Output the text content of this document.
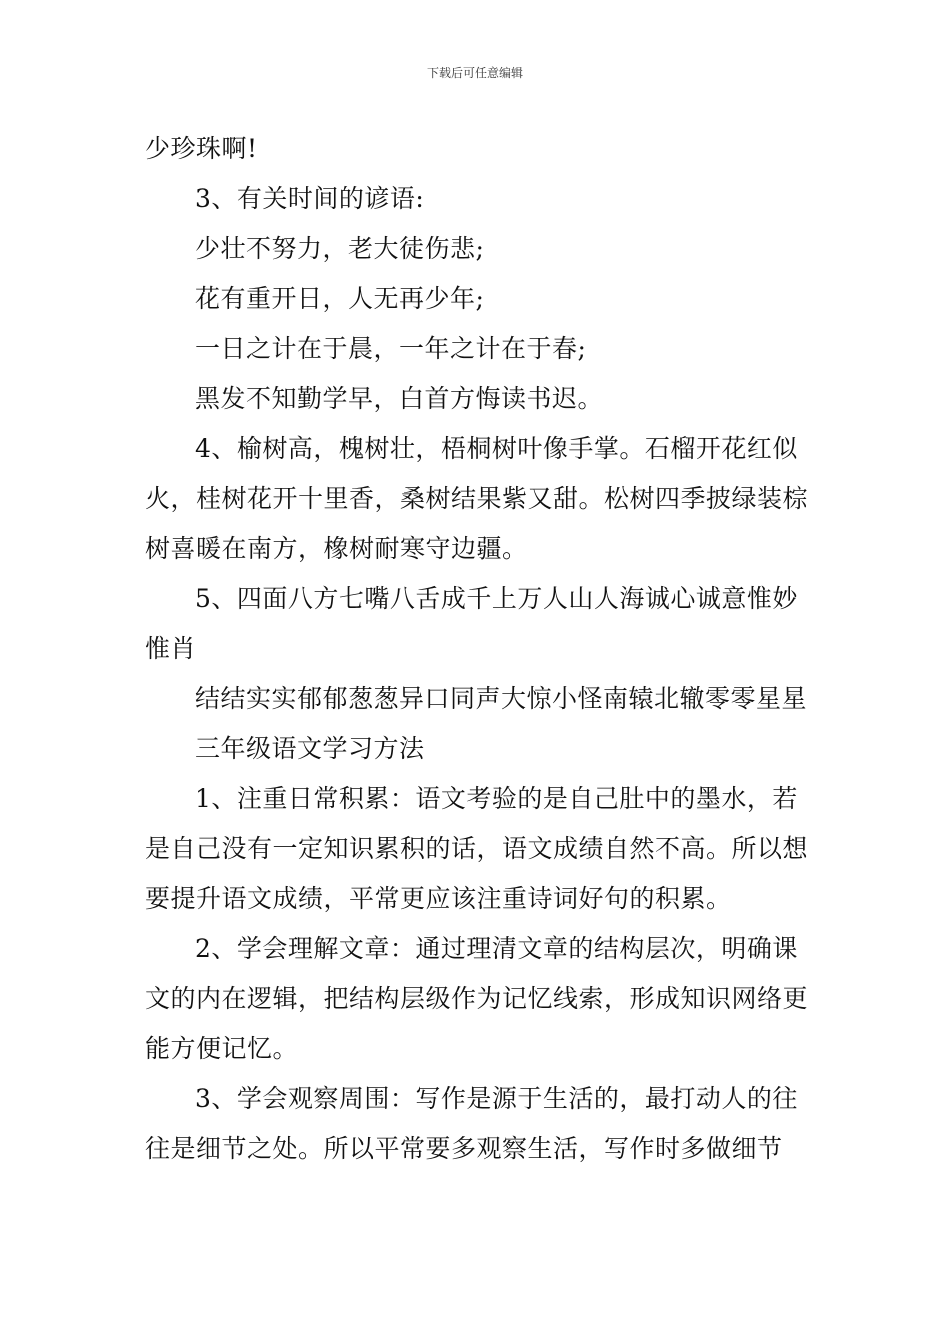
下载后可任意编辑

少珍珠啊!

3、有关时间的谚语:

少壮不努力，老大徒伤悲;

花有重开日，人无再少年;

一日之计在于晨，一年之计在于春;

黑发不知勤学早，白首方悔读书迟。

4、榆树高，槐树壮，梧桐树叶像手掌。石榴开花红似火，桂树花开十里香，桑树结果紫又甜。松树四季披绿装棕树喜暖在南方，橡树耐寒守边疆。

5、四面八方七嘴八舌成千上万人山人海诚心诚意惟妙惟肖

结结实实郁郁葱葱异口同声大惊小怪南辕北辙零零星星

三年级语文学习方法

1、注重日常积累：语文考验的是自己肚中的墨水，若是自己没有一定知识累积的话，语文成绩自然不高。所以想要提升语文成绩，平常更应该注重诗词好句的积累。

2、学会理解文章：通过理清文章的结构层次，明确课文的内在逻辑，把结构层级作为记忆线索，形成知识网络更能方便记忆。

3、学会观察周围：写作是源于生活的，最打动人的往往是细节之处。所以平常要多观察生活，写作时多做细节
